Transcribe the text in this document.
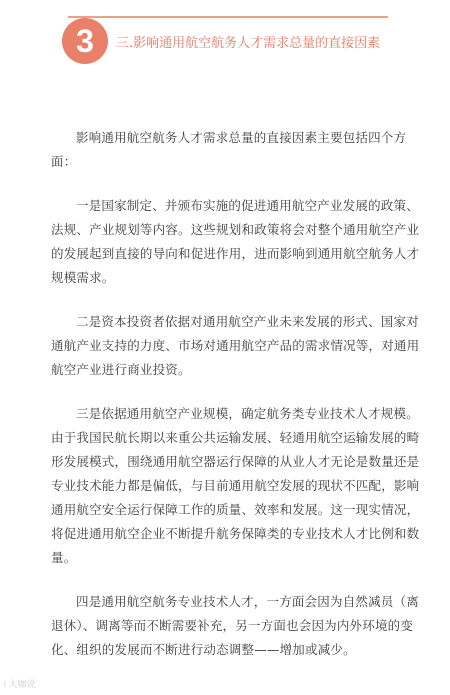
3	三.影响通用航空航务人才需求总量的直接因素

影响通用航空航务人才需求总量的直接因素主要包括四个方面：

一是国家制定、并颁布实施的促进通用航空产业发展的政策、法规、产业规划等内容。这些规划和政策将会对整个通用航空产业的发展起到直接的导向和促进作用，进而影响到通用航空航务人才规模需求。

二是资本投资者依据对通用航空产业未来发展的形式、国家对通航产业支持的力度、市场对通用航空产品的需求情况等，对通用航空产业进行商业投资。

三是依据通用航空产业规模，确定航务类专业技术人才规模。由于我国民航长期以来重公共运输发展、轻通用航空运输发展的畸形发展模式，围绕通用航空器运行保障的从业人才无论是数量还是专业技术能力都是偏低，与目前通用航空发展的现状不匹配，影响通用航空安全运行保障工作的质量、效率和发展。这一现实情况，将促进通用航空企业不断提升航务保障类的专业技术人才比例和数量。

四是通用航空航务专业技术人才，一方面会因为自然减员（离退休）、调离等而不断需要补充，另一方面也会因为内外环境的变化、组织的发展而不断进行动态调整——增加或减少。

i 大咖说
